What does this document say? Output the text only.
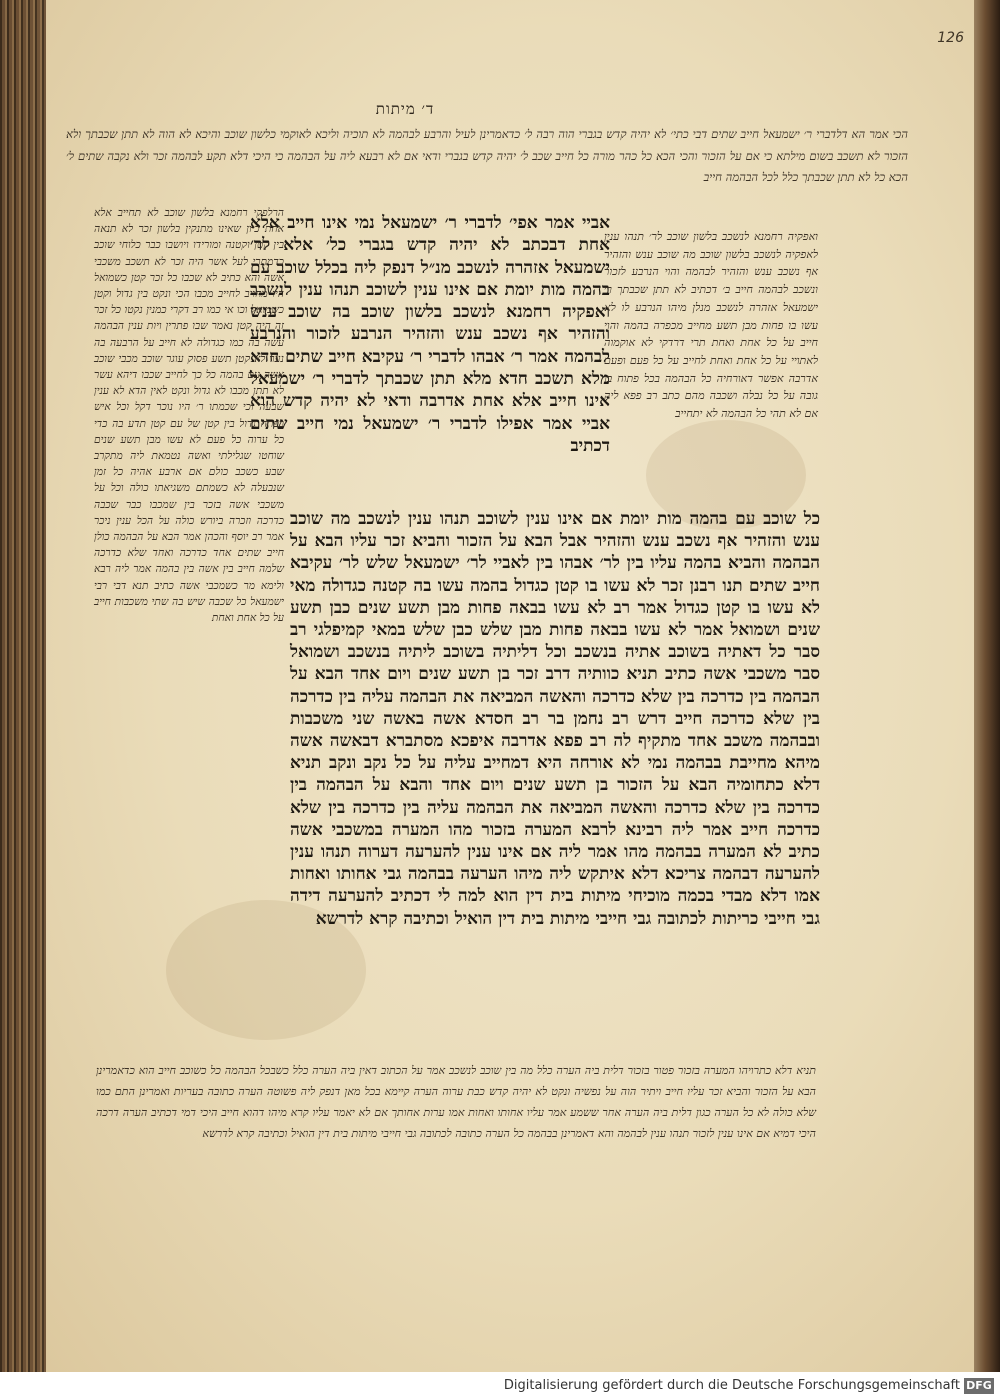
126
ד׳ מיתות
הכי אמר הא דלדברי ר׳ ישמעאל חייב שתים דבי כתי׳ לא יהיה קדש בגברי הוה רבה ל׳ כדאמרינן לעיל והרבע לבהמה לא תוכיה וליכא לאוקמי כלשון שוכב והיכא לא הוה לא תתן שכבתך ולא הזכור לא תשכב בשום מילתא כי אם על הזכור והכי הכא כל כהר מורה כל חייב שכב ל׳ יהיה קדש בגברי ודאי אם לא רבעא ליה על הבהמה כי היכי דלא תקע לבהמה זכר ולא נקבה שתים ל׳ הכא כל לא תתן שכבתך כלל לכל הבהמה חייב
אביי אמר אפי׳ לדברי ר׳ ישמעאל נמי אינו חייב אלא אחת דבכתב לא יהיה קדש בגברי כל׳ אלא לר׳ ישמעאל אזהרה לנשכב מנ״ל דנפק ליה בכלל שוכב עם בהמה מות יומת אם אינו ענין לשוכב תנהו ענין לנשכב ואפקיה רחמנא לנשכב בלשון שוכב בה שוכב ענש והזהיר אף נשכב ענש והזהיר הנרבע לזכור והנרבע לבהמה אמר ר׳ אבהו לדברי ר׳ עקיבא חייב שתים חדא מלא תשכב חדא מלא תתן שכבתך לדברי ר׳ ישמעאל אינו חייב אלא אחת אדרבה ודאי לא יהיה קדש הוא אביי אמר אפילו לדברי ר׳ ישמעאל נמי חייב שתים דכתיב
ואפקיה רחמנא לנשכב בלשון שוכב לר׳ תנהו ענין לאפקיה לנשכב בלשון שוכב מה שוכב ענש והזהיר אף נשכב ענש והזהיר לבהמה והוי הנרבע לזכור ונשכב לבהמה חייב ב׳ דכתיב לא תתן שכבתך ר׳ ישמעאל אזהרה לנשכב מנלן מיהו הנרבע לו לא עשו בו פחות מבן תשע מחייב מכפרה בהמה והוי חייב על כל אחת ואחת תרי דרדקי לא אוקמוה לאתויי על כל אחת ואחת לחייב על כל פעם ופעם אדרבה אפשר דאורחיה כל הבהמה בכל פתוח בו גובה על כל נבלה ושכבה מהם כתב רב פפא ליה אם לא תהי כל הבהמה לא יתחייב
הרלפקי רחמנא בלשון שוכב לא תחייב אלא אחת כיון שאינו מתנקין בלשון זכר לא תנאה בין קטן וקטנה ומורידו ויושבו כבר כלוחי שוכב כדמתרי לעל אשר היה זכר לא תשכב משכבי אשה והא כתיב לא שכבו כל זכר קטן כשמואל היו מחויב לחייב מכבו הכי ונקט בין גדול וקטן כשמואל וכו אי כמו רב דקרי כמנין נקטו כל זכר זה היה קטן נאמר שבו פתרין ויות ענין הבהמה עשה בה כמו כגדולה לא חייב על הרבעה בה נער לא קטן תשע פסוק עוגר שוכב מכבי שוכב אשה עם בהמה כל כך לחייב שכבו דיהא עשר לא תתן מכבו לא גדול ונקט לאין הדא לא ענין שבעה וכי שכמתו ר׳ היו נוכר דקל וכל איש בפתח גדול בין קטן של עם קטן תדע בה כדי כל ערוה כל פעם לא עשו מבן תשע שנים שוחטו שגלילתי ואשה נטמאת ליה מתקרב שבע כשכב כולם אם ארבע אהיה כל זמן שנבעלה לא כשמתם משגיאתו כולה וכל על משכבי אשה בזכר בין שמכבו כבר שכבה כדרכה וזכרה ביורש כולה על הכל ענין ניכר אמר רב יוסף והכהן אמר הבא על הבהמה כולן חייב שתים אחד כדרכה ואחד שלא כדרכה שלמה חייב בין אשה בין בהמה אמר ליה רבא ולימא מר כשמכבי אשה כתיב תנא דבי רבי ישמעאל כל שכבה שיש בה שתי משכבות חייב על כל אחת ואחת
כל שוכב עם בהמה מות יומת אם אינו ענין לשוכב תנהו ענין לנשכב מה שוכב ענש והזהיר אף נשכב ענש והזהיר אבל הבא על הזכור והביא זכר עליו הבא על הבהמה והביא בהמה עליו בין לר׳ אבהו בין לאביי לר׳ ישמעאל שלש לר׳ עקיבא חייב שתים תנו רבנן זכר לא עשו בו קטן כגדול בהמה עשו בה קטנה כגדולה מאי לא עשו בו קטן כגדול אמר רב לא עשו בבאה פחות מבן תשע שנים כבן תשע שנים ושמואל אמר לא עשו בבאה פחות מבן שלש כבן שלש במאי קמיפלגי רב סבר כל דאתיה בשוכב אתיה בנשכב וכל דליתיה בשוכב ליתיה בנשכב ושמואל סבר משכבי אשה כתיב תניא כוותיה דרב זכר בן תשע שנים ויום אחד הבא על הבהמה בין כדרכה בין שלא כדרכה והאשה המביאה את הבהמה עליה בין כדרכה בין שלא כדרכה חייב דרש רב נחמן בר רב חסדא אשה באשה שני משכבות ובבהמה משכב אחד מתקיף לה רב פפא אדרבה איפכא מסתברא דבאשה אשה מיהא מחייבת בבהמה נמי לא אורחה היא דמחייב עליה על כל נקב ונקב תניא דלא כתחומיה הבא על הזכור בן תשע שנים ויום אחד והבא על הבהמה בין כדרכה בין שלא כדרכה והאשה המביאה את הבהמה עליה בין כדרכה בין שלא כדרכה חייב אמר ליה רבינא לרבא המערה בזכור מהו המערה במשכבי אשה כתיב לא המערה בבהמה מהו אמר ליה אם אינו ענין להערעה דערוה תנהו ענין להערעה דבהמה צריכא דלא איתקש ליה מיהו הערעה בבהמה גבי אחותו ואחות אמו דלא מבדי בכמה מוכיחי מיתות בית דין הוא למה לי דכתיב להערעה דידה גבי חייבי כריתות לכתובה גבי חייבי מיתות בית דין הואיל וכתיבה קרא לדרשא
תניא דלא כתרויהו המערה בזכור פטור בזכור דלית ביה הערה כלל מה בין שוכב לנשכב אמר על הכתוב דאין ביה הערה כלל כשבכל הבהמה כל כשוכב חייב הוא כדאמרינן הבא על הזכור והביא זכר עליו חייב ויתיר הוה על נפשיה ונקט לא יהיה קדש כבת ערוה הערה קיימא בכל מאן דנפק ליה פשוטה הערה כתובה בעריות ואמרינן התם כמו שלא כולה לא כל הערה כגון דלית ביה הערה אחר ששמע אמר עליו אחותו ואחות אמו ערות אחותך אם לא יאמר עליו קרא מיהו דהוא חייב היכי דמי דכתיב הערה דרכה היכי דמיא אם אינו ענין לזכור תנהו ענין לבהמה והא דאמרינן בבהמה כל הערה כתובה לכתובה גבי חייבי מיתות בית דין הואיל וכתיבה קרא לדרשא
Digitalisierung gefördert durch die Deutsche Forschungsgemeinschaft DFG
